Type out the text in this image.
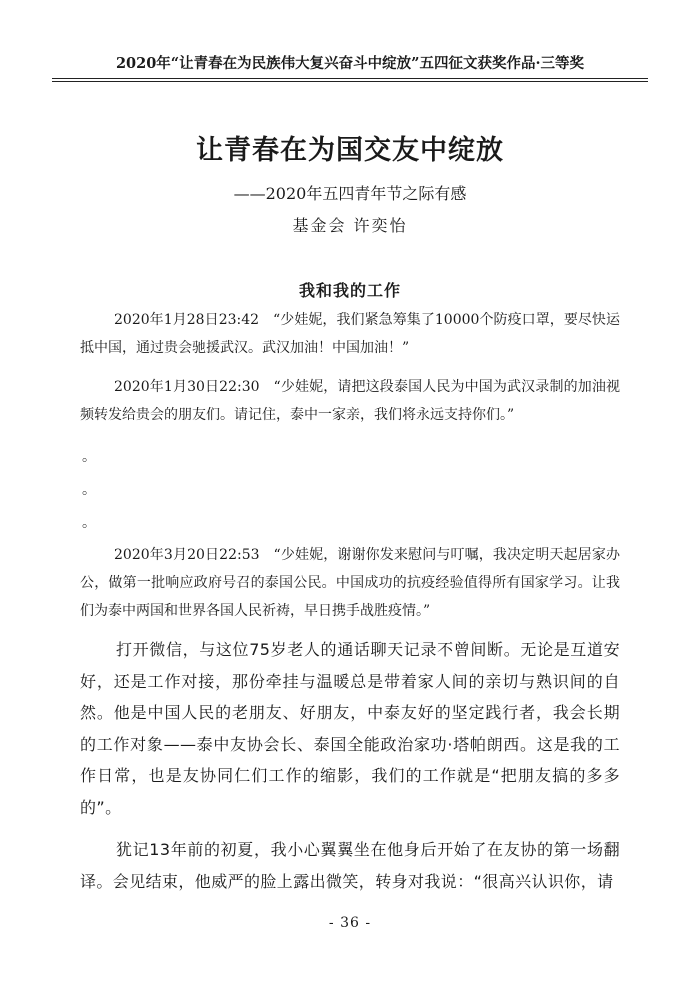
2020年“让青春在为民族伟大复兴奋斗中绽放”五四征文获奖作品·三等奖
让青春在为国交友中绽放
——2020年五四青年节之际有感
基金会 许奕怡
我和我的工作
2020年1月28日23:42 “少娃妮，我们紧急筹集了10000个防疫口罩，要尽快运抵中国，通过贵会驰援武汉。武汉加油！中国加油！”
2020年1月30日22:30 “少娃妮，请把这段泰国人民为中国为武汉录制的加油视频转发给贵会的朋友们。请记住，泰中一家亲，我们将永远支持你们。”
。
。
。
2020年3月20日22:53 “少娃妮，谢谢你发来慰问与叮嘱，我决定明天起居家办公，做第一批响应政府号召的泰国公民。中国成功的抗疫经验值得所有国家学习。让我们为泰中两国和世界各国人民祈祷，早日携手战胜疫情。”
打开微信，与这位75岁老人的通话聊天记录不曾间断。无论是互道安好，还是工作对接，那份牵挂与温暖总是带着家人间的亲切与熟识间的自然。他是中国人民的老朋友、好朋友，中泰友好的坚定践行者，我会长期的工作对象——泰中友协会长、泰国全能政治家功·塔帕朗西。这是我的工作日常，也是友协同仁们工作的缩影，我们的工作就是“把朋友搞的多多的”。
犹记13年前的初夏，我小心翼翼坐在他身后开始了在友协的第一场翻译。会见结束，他威严的脸上露出微笑，转身对我说：“很高兴认识你，请
- 36 -
